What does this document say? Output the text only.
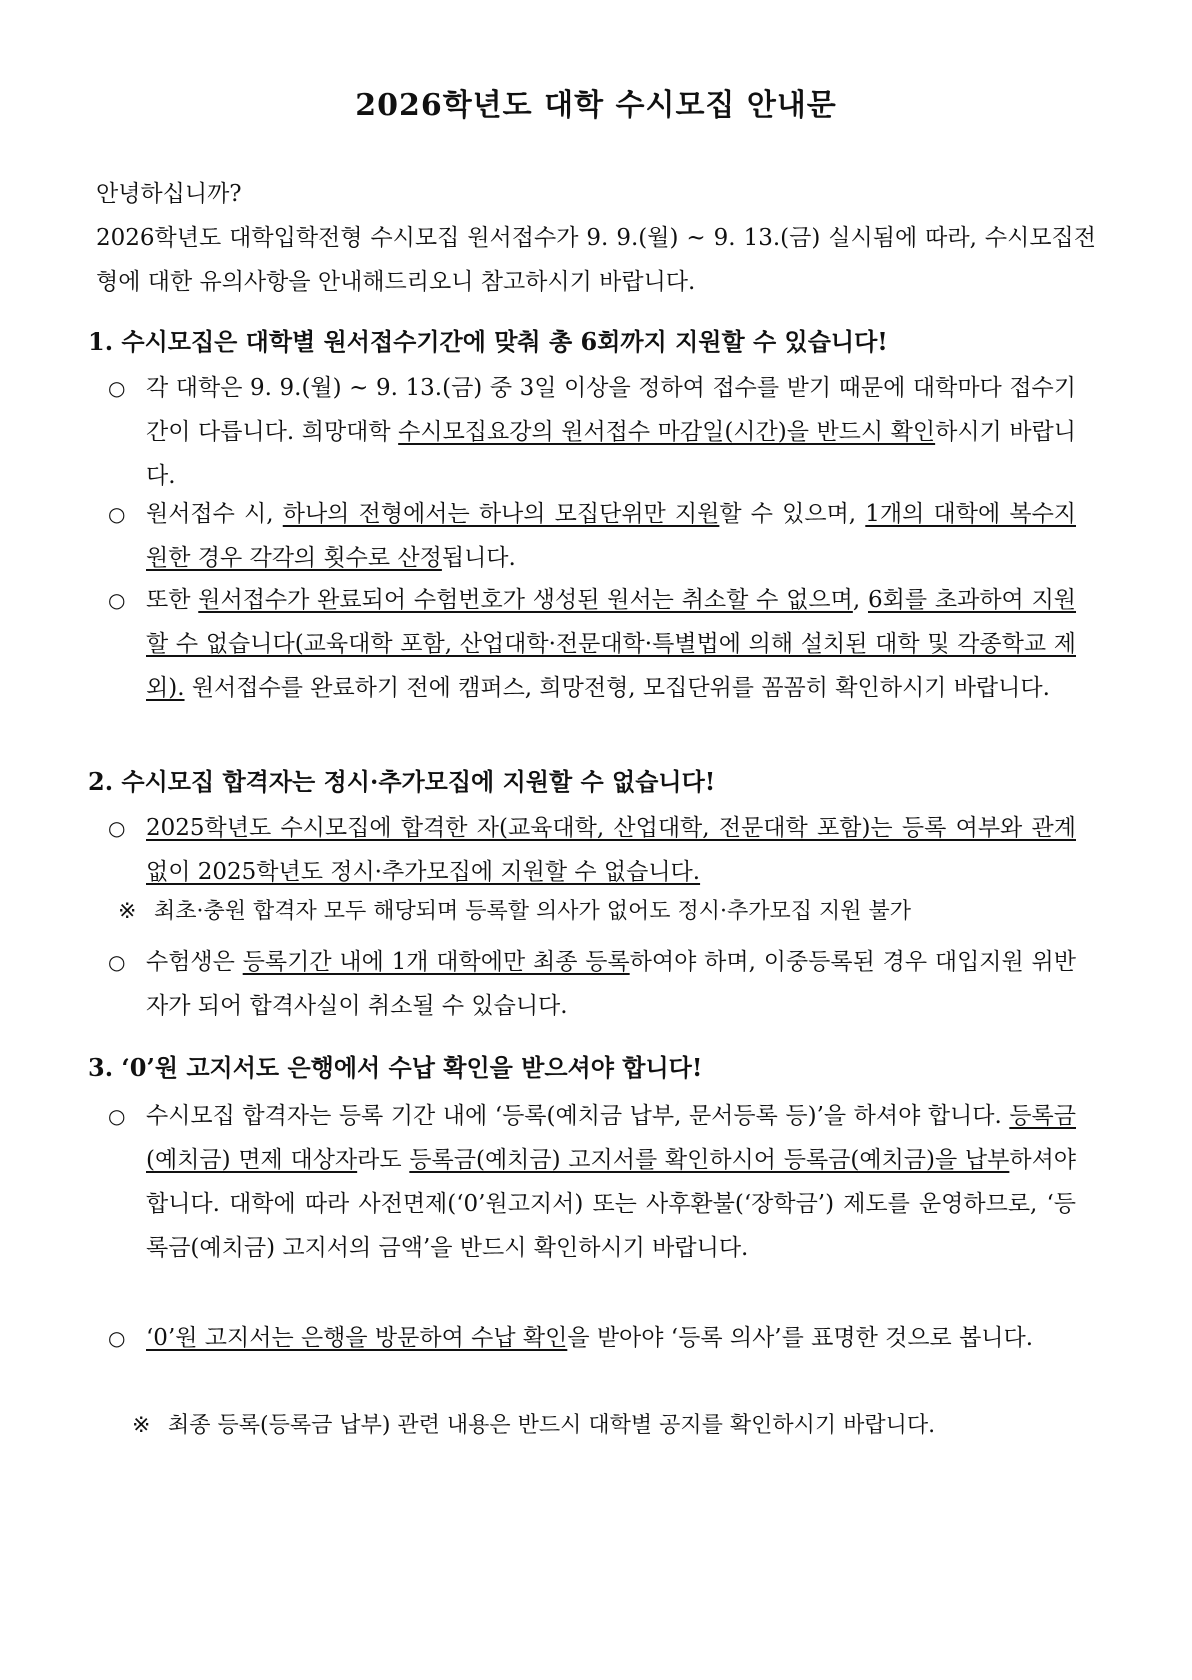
2026학년도 대학 수시모집 안내문
안녕하십니까?
2026학년도 대학입학전형 수시모집 원서접수가 9. 9.(월) ~ 9. 13.(금) 실시됨에 따라, 수시모집전형에 대한 유의사항을 안내해드리오니 참고하시기 바랍니다.
1. 수시모집은 대학별 원서접수기간에 맞춰 총 6회까지 지원할 수 있습니다!
○ 각 대학은 9. 9.(월) ~ 9. 13.(금) 중 3일 이상을 정하여 접수를 받기 때문에 대학마다 접수기간이 다릅니다. 희망대학 수시모집요강의 원서접수 마감일(시간)을 반드시 확인하시기 바랍니다.
○ 원서접수 시, 하나의 전형에서는 하나의 모집단위만 지원할 수 있으며, 1개의 대학에 복수지원한 경우 각각의 횟수로 산정됩니다.
○ 또한 원서접수가 완료되어 수험번호가 생성된 원서는 취소할 수 없으며, 6회를 초과하여 지원할 수 없습니다(교육대학 포함, 산업대학·전문대학·특별법에 의해 설치된 대학 및 각종학교 제외). 원서접수를 완료하기 전에 캠퍼스, 희망전형, 모집단위를 꼼꼼히 확인하시기 바랍니다.
2. 수시모집 합격자는 정시·추가모집에 지원할 수 없습니다!
○ 2025학년도 수시모집에 합격한 자(교육대학, 산업대학, 전문대학 포함)는 등록 여부와 관계없이 2025학년도 정시·추가모집에 지원할 수 없습니다.
※ 최초·충원 합격자 모두 해당되며 등록할 의사가 없어도 정시·추가모집 지원 불가
○ 수험생은 등록기간 내에 1개 대학에만 최종 등록하여야 하며, 이중등록된 경우 대입지원 위반자가 되어 합격사실이 취소될 수 있습니다.
3. ‘0’원 고지서도 은행에서 수납 확인을 받으셔야 합니다!
○ 수시모집 합격자는 등록 기간 내에 ‘등록(예치금 납부, 문서등록 등)’을 하셔야 합니다. 등록금(예치금) 면제 대상자라도 등록금(예치금) 고지서를 확인하시어 등록금(예치금)을 납부하셔야 합니다. 대학에 따라 사전면제(‘0’원고지서) 또는 사후환불(‘장학금’) 제도를 운영하므로, ‘등록금(예치금) 고지서의 금액’을 반드시 확인하시기 바랍니다.
○ ‘0’원 고지서는 은행을 방문하여 수납 확인을 받아야 ‘등록 의사’를 표명한 것으로 봅니다.
※ 최종 등록(등록금 납부) 관련 내용은 반드시 대학별 공지를 확인하시기 바랍니다.
